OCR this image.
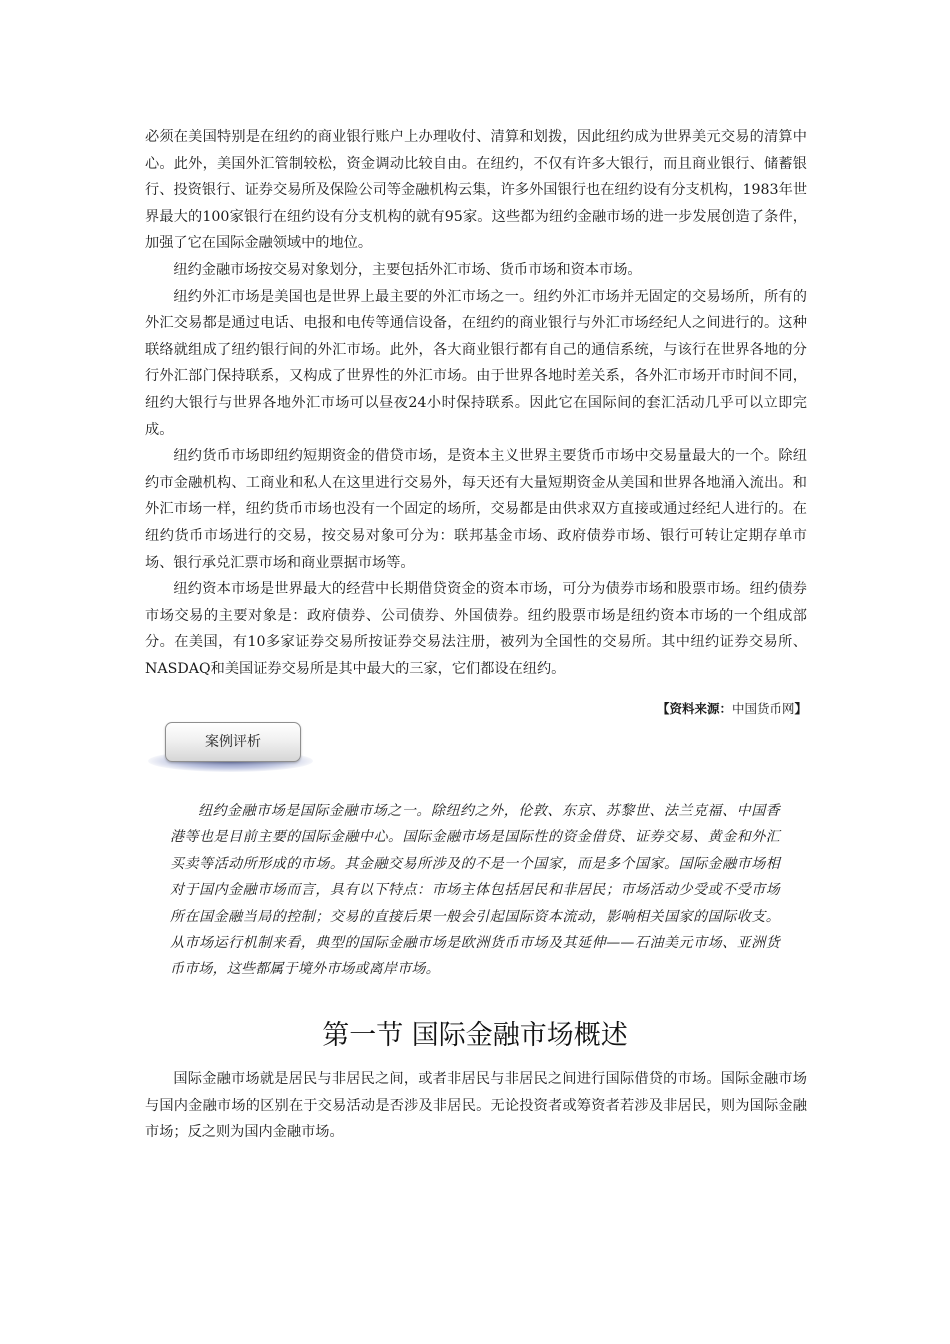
必须在美国特别是在纽约的商业银行账户上办理收付、清算和划拨，因此纽约成为世界美元交易的清算中心。此外，美国外汇管制较松，资金调动比较自由。在纽约，不仅有许多大银行，而且商业银行、储蓄银行、投资银行、证券交易所及保险公司等金融机构云集，许多外国银行也在纽约设有分支机构，1983年世界最大的100家银行在纽约设有分支机构的就有95家。这些都为纽约金融市场的进一步发展创造了条件，加强了它在国际金融领域中的地位。

纽约金融市场按交易对象划分，主要包括外汇市场、货币市场和资本市场。

纽约外汇市场是美国也是世界上最主要的外汇市场之一。纽约外汇市场并无固定的交易场所，所有的外汇交易都是通过电话、电报和电传等通信设备，在纽约的商业银行与外汇市场经纪人之间进行的。这种联络就组成了纽约银行间的外汇市场。此外，各大商业银行都有自己的通信系统，与该行在世界各地的分行外汇部门保持联系，又构成了世界性的外汇市场。由于世界各地时差关系，各外汇市场开市时间不同，纽约大银行与世界各地外汇市场可以昼夜24小时保持联系。因此它在国际间的套汇活动几乎可以立即完成。

纽约货币市场即纽约短期资金的借贷市场，是资本主义世界主要货币市场中交易量最大的一个。除纽约市金融机构、工商业和私人在这里进行交易外，每天还有大量短期资金从美国和世界各地涌入流出。和外汇市场一样，纽约货币市场也没有一个固定的场所，交易都是由供求双方直接或通过经纪人进行的。在纽约货币市场进行的交易，按交易对象可分为：联邦基金市场、政府债券市场、银行可转让定期存单市场、银行承兑汇票市场和商业票据市场等。

纽约资本市场是世界最大的经营中长期借贷资金的资本市场，可分为债券市场和股票市场。纽约债券市场交易的主要对象是：政府债券、公司债券、外国债券。纽约股票市场是纽约资本市场的一个组成部分。在美国，有10多家证券交易所按证券交易法注册，被列为全国性的交易所。其中纽约证券交易所、NASDAQ和美国证券交易所是其中最大的三家，它们都设在纽约。

【资料来源：中国货币网】
案例评析

纽约金融市场是国际金融市场之一。除纽约之外，伦敦、东京、苏黎世、法兰克福、中国香港等也是目前主要的国际金融中心。国际金融市场是国际性的资金借贷、证券交易、黄金和外汇买卖等活动所形成的市场。其金融交易所涉及的不是一个国家，而是多个国家。国际金融市场相对于国内金融市场而言，具有以下特点：市场主体包括居民和非居民；市场活动少受或不受市场所在国金融当局的控制；交易的直接后果一般会引起国际资本流动，影响相关国家的国际收支。从市场运行机制来看，典型的国际金融市场是欧洲货币市场及其延伸——石油美元市场、亚洲货币市场，这些都属于境外市场或离岸市场。

第一节 国际金融市场概述

国际金融市场就是居民与非居民之间，或者非居民与非居民之间进行国际借贷的市场。国际金融市场与国内金融市场的区别在于交易活动是否涉及非居民。无论投资者或筹资者若涉及非居民，则为国际金融市场；反之则为国内金融市场。
